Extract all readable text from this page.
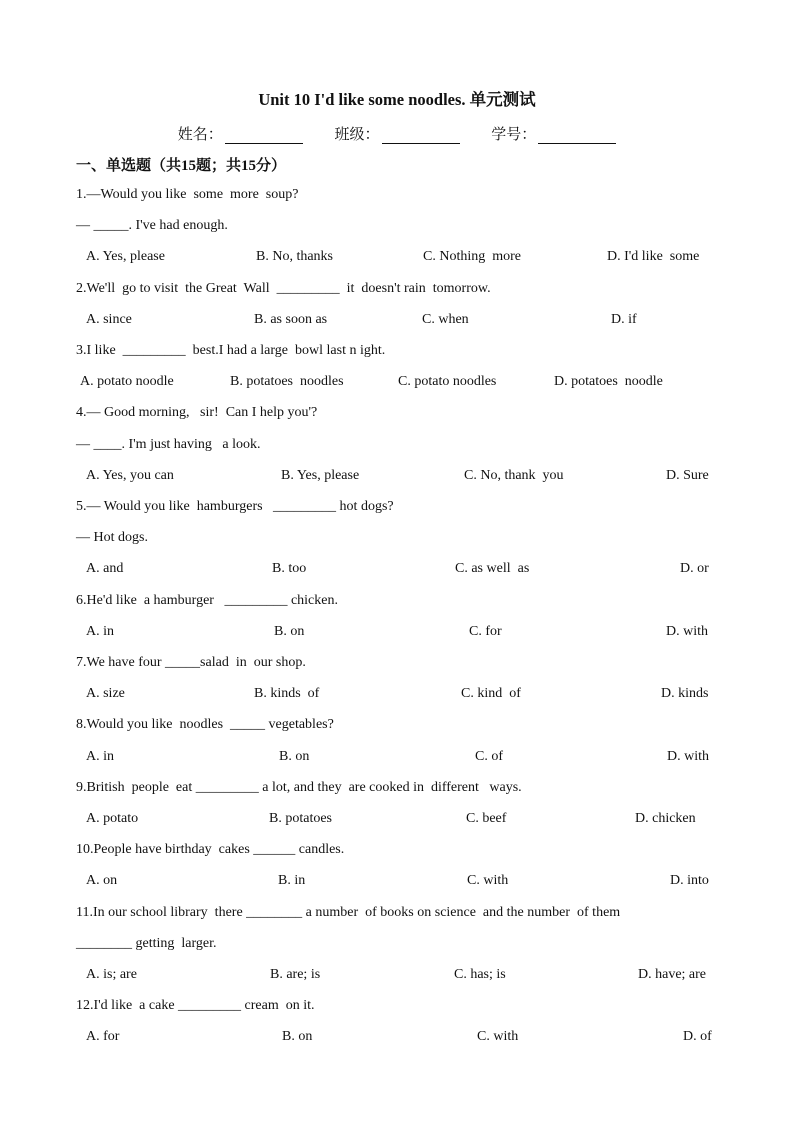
Unit 10 I'd like some noodles. 单元测试
姓名：	班级：	学号：
一、单选题（共15题；共15分）
1.—Would you like  some  more  soup?
— _____. I've had enough.
A. Yes, please	B. No, thanks	C. Nothing  more	D. I'd like  some
2.We'll  go to visit  the Great  Wall  _________  it  doesn't rain  tomorrow.
A. since	B. as soon as	C. when	D. if
3.I like  _________  best.I had a large  bowl last n ight.
A. potato noodle	B. potatoes  noodles	C. potato noodles	D. potatoes  noodle
4.— Good morning,   sir!  Can I help you'?
— ____. I'm just having   a look.
A. Yes, you can	B. Yes, please	C. No, thank  you	D. Sure
5.— Would you like  hamburgers   _________ hot dogs?
— Hot dogs.
A. and	B. too	C. as well  as	D. or
6.He'd like  a hamburger   _________ chicken.
A. in	B. on	C. for	D. with
7.We have four _____salad  in  our shop.
A. size	B. kinds  of	C. kind  of	D. kinds
8.Would you like  noodles  _____ vegetables?
A. in	B. on	C. of	D. with
9.British  people  eat _________ a lot, and they  are cooked in  different   ways.
A. potato	B. potatoes	C. beef	D. chicken
10.People have birthday  cakes ______ candles.
A. on	B. in	C. with	D. into
11.In our school library  there ________ a number  of books on science  and the number  of them
________ getting  larger.
A. is; are	B. are; is	C. has; is	D. have; are
12.I'd like  a cake _________ cream  on it.
A. for	B. on	C. with	D. of
